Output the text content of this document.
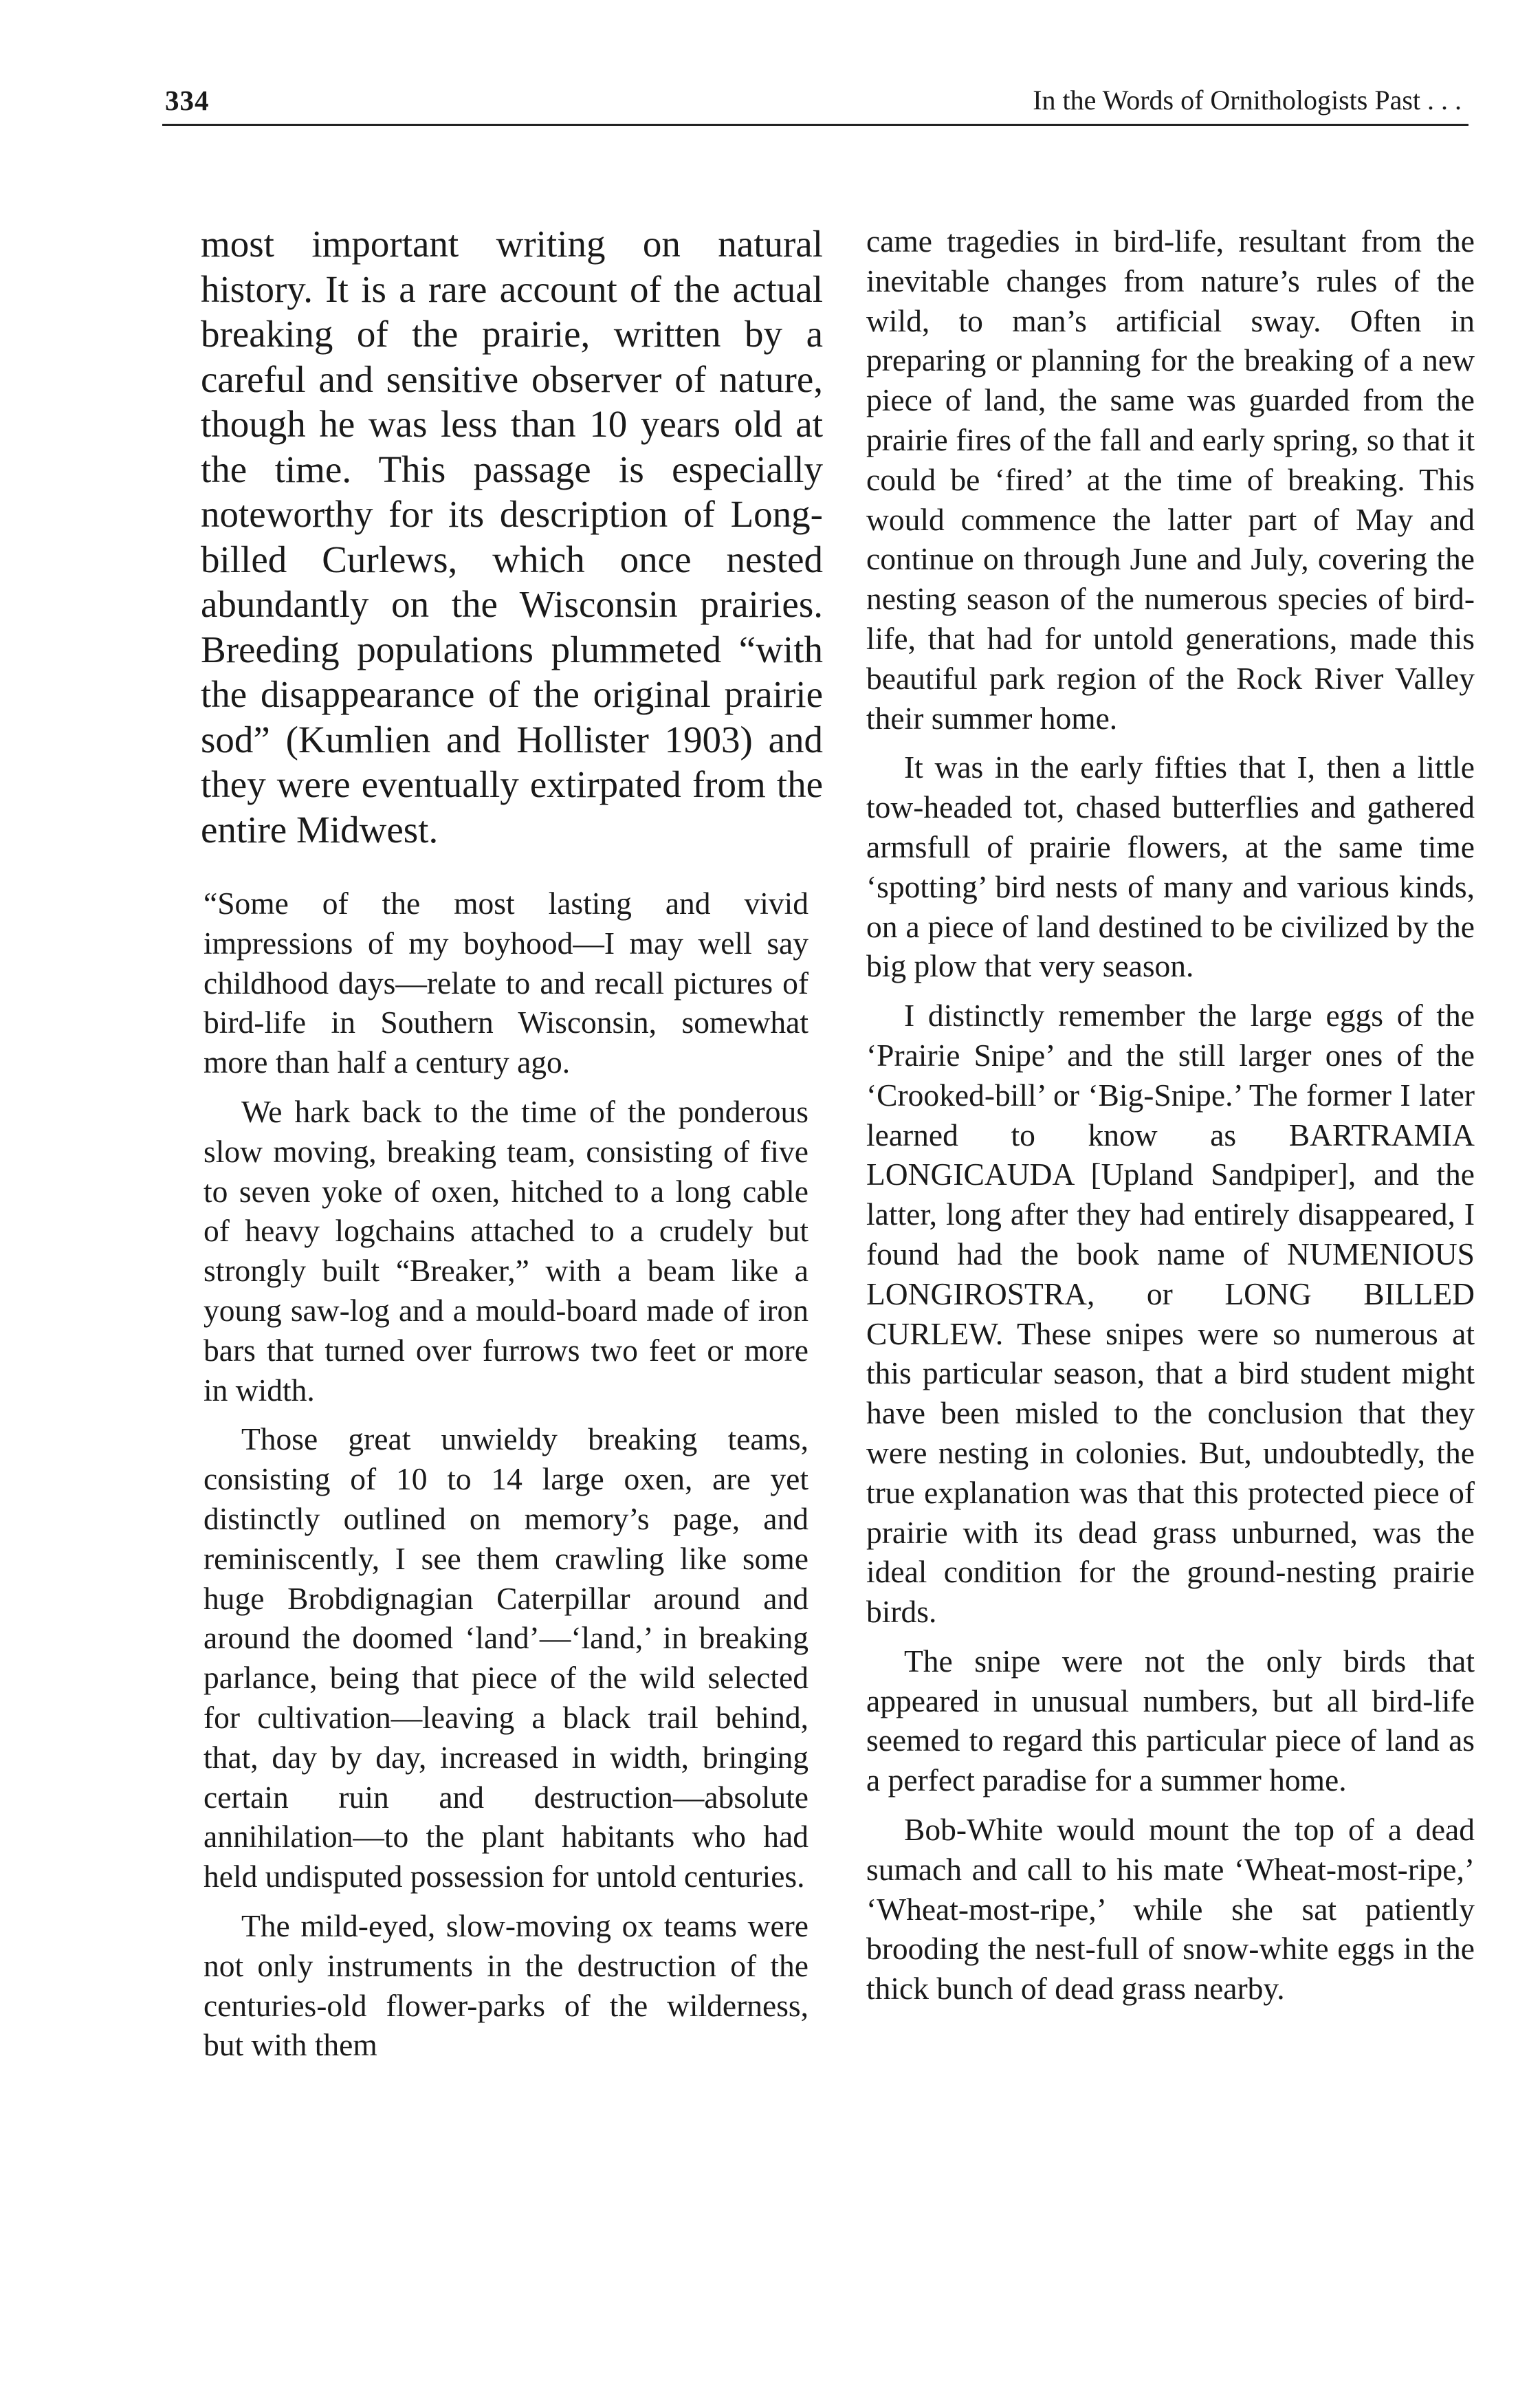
334	In the Words of Ornithologists Past . . .

most important writing on natural history. It is a rare account of the actual breaking of the prairie, written by a careful and sensitive observer of nature, though he was less than 10 years old at the time. This passage is especially noteworthy for its description of Long-billed Curlews, which once nested abundantly on the Wisconsin prairies. Breeding populations plummeted “with the disappearance of the original prairie sod” (Kumlien and Hollister 1903) and they were eventually extirpated from the entire Midwest.

“Some of the most lasting and vivid impressions of my boyhood—I may well say childhood days—relate to and recall pictures of bird-life in Southern Wisconsin, somewhat more than half a century ago.

We hark back to the time of the ponderous slow moving, breaking team, consisting of five to seven yoke of oxen, hitched to a long cable of heavy logchains attached to a crudely but strongly built “Breaker,” with a beam like a young saw-log and a mould-board made of iron bars that turned over furrows two feet or more in width.

Those great unwieldy breaking teams, consisting of 10 to 14 large oxen, are yet distinctly outlined on memory’s page, and reminiscently, I see them crawling like some huge Brobdignagian Caterpillar around and around the doomed ‘land’—‘land,’ in breaking parlance, being that piece of the wild selected for cultivation—leaving a black trail behind, that, day by day, increased in width, bringing certain ruin and destruction—absolute annihilation—to the plant habitants who had held undisputed possession for untold centuries.

The mild-eyed, slow-moving ox teams were not only instruments in the destruction of the centuries-old flower-parks of the wilderness, but with them

came tragedies in bird-life, resultant from the inevitable changes from nature’s rules of the wild, to man’s artificial sway. Often in preparing or planning for the breaking of a new piece of land, the same was guarded from the prairie fires of the fall and early spring, so that it could be ‘fired’ at the time of breaking. This would commence the latter part of May and continue on through June and July, covering the nesting season of the numerous species of bird-life, that had for untold generations, made this beautiful park region of the Rock River Valley their summer home.

It was in the early fifties that I, then a little tow-headed tot, chased butterflies and gathered armsfull of prairie flowers, at the same time ‘spotting’ bird nests of many and various kinds, on a piece of land destined to be civilized by the big plow that very season.

I distinctly remember the large eggs of the ‘Prairie Snipe’ and the still larger ones of the ‘Crooked-bill’ or ‘Big-Snipe.’ The former I later learned to know as BARTRAMIA LONGICAUDA [Upland Sandpiper], and the latter, long after they had entirely disappeared, I found had the book name of NUMENIOUS LONGIROSTRA, or LONG BILLED CURLEW. These snipes were so numerous at this particular season, that a bird student might have been misled to the conclusion that they were nesting in colonies. But, undoubtedly, the true explanation was that this protected piece of prairie with its dead grass unburned, was the ideal condition for the ground-nesting prairie birds.

The snipe were not the only birds that appeared in unusual numbers, but all bird-life seemed to regard this particular piece of land as a perfect paradise for a summer home.

Bob-White would mount the top of a dead sumach and call to his mate ‘Wheat-most-ripe,’ ‘Wheat-most-ripe,’ while she sat patiently brooding the nest-full of snow-white eggs in the thick bunch of dead grass nearby.
